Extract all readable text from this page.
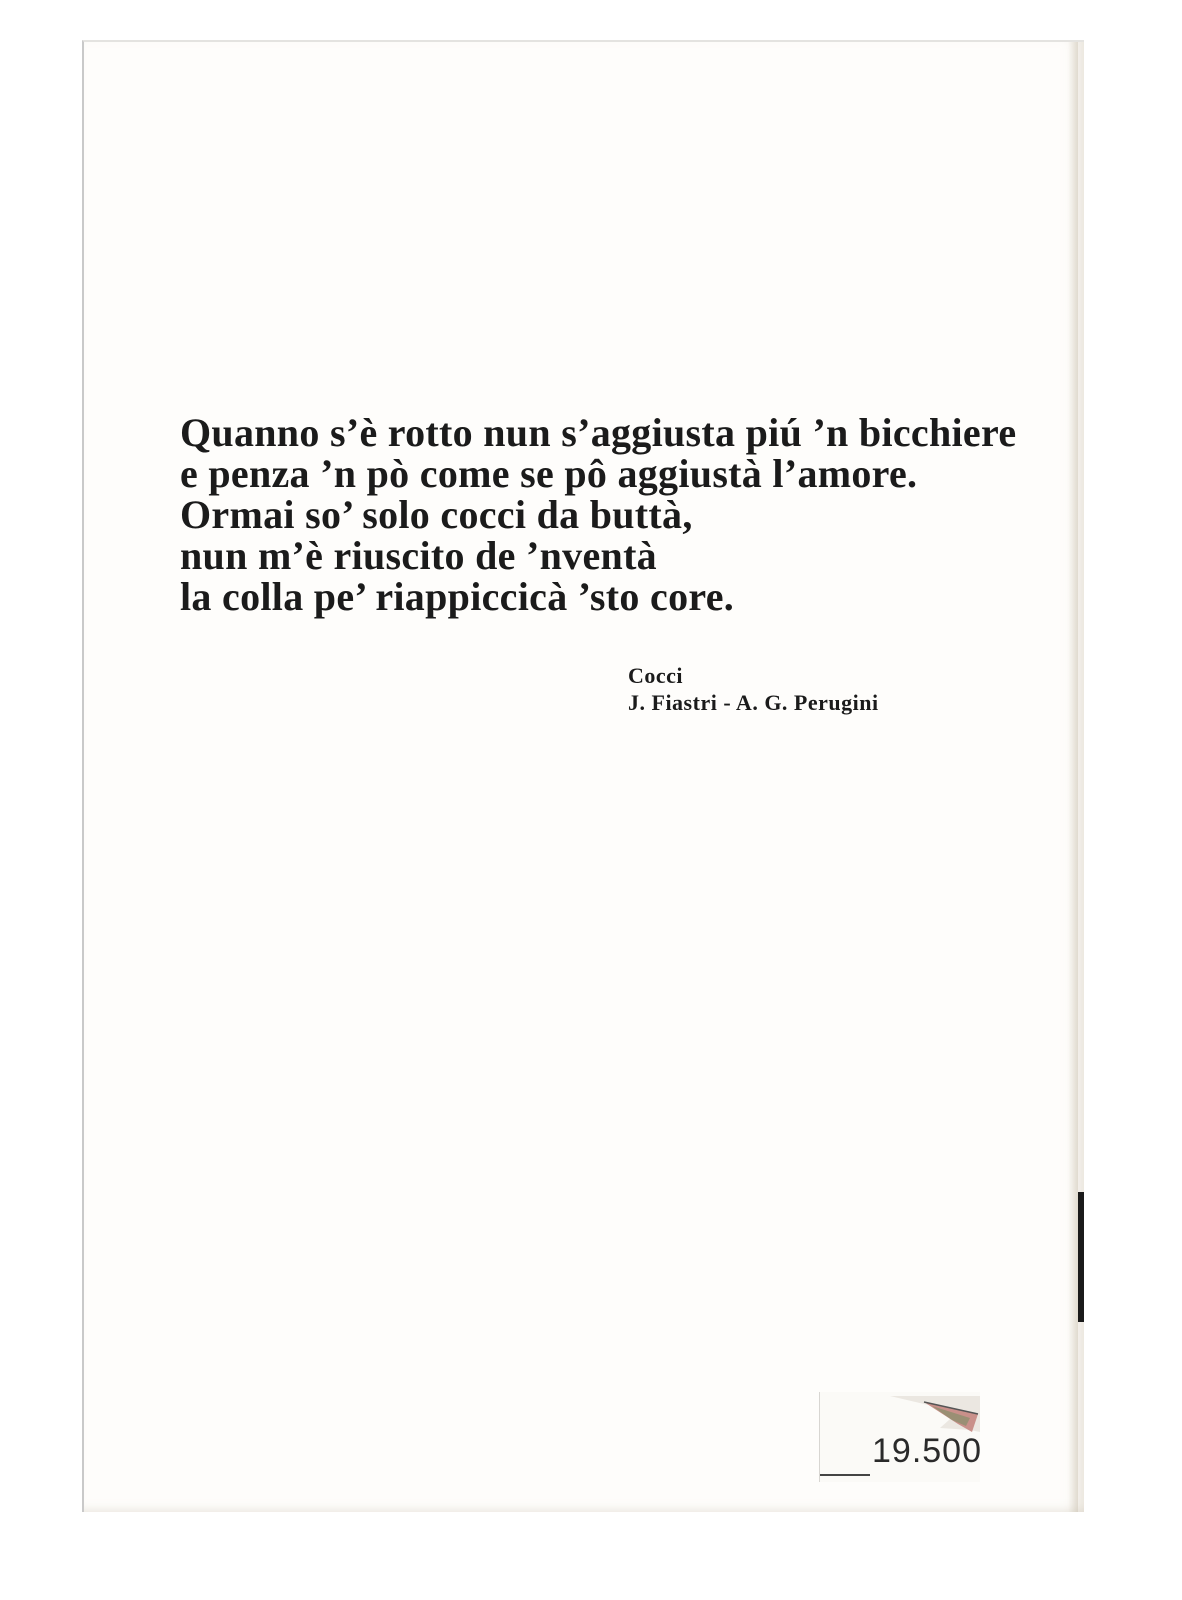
Quanno s’è rotto nun s’aggiusta piú ’n bicchiere
e penza ’n pò come se pô aggiustà l’amore.
Ormai so’ solo cocci da buttà,
nun m’è riuscito de ’nventà
la colla pe’ riappiccicà ’sto core.
Cocci
J. Fiastri - A. G. Perugini
19.500
